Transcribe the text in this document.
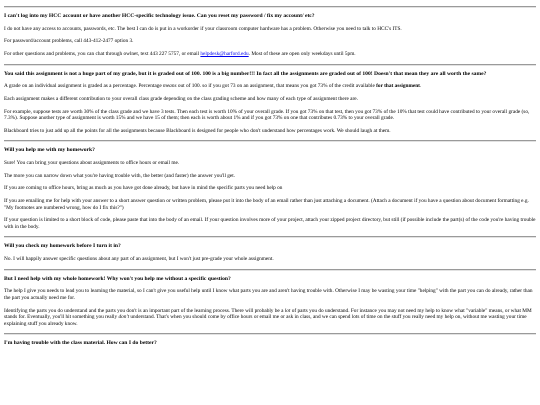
I can't log into my HCC account or have another HCC-specific technology issue. Can you reset my password / fix my account/ etc?

I do not have any access to accounts, passwords, etc. The best I can do is put in a workorder if your classroom computer hardware has a problem. Otherwise you need to talk to HCC's ITS.

For password/account problems, call 443-412-2477 option 3.

For other questions and problems, you can chat through owlnet, text 443 227 5757, or email helpdesk@harford.edu. Most of these are open only weekdays until 5pm.

You said this assignment is not a huge part of my grade, but it is graded out of 100. 100 is a big number!!! In fact all the assignments are graded out of 100! Doesn't that mean they are all worth the same?

A grade on an individual assignment is graded as a percentage. Percentage means out of 100. so if you got 73 on an assignment, that means you got 73% of the credit available for that assignment.

Each assignment makes a different contribution to your overall class grade depending on the class grading scheme and how many of each type of assignment there are.

For example, suppose tests are worth 30% of the class grade and we have 3 tests. Then each test is worth 10% of your overall grade. If you got 73% on that test, then you got 73% of the 10% that test could have contributed to your overall grade (so, 7.3%). Suppose another type of assignment is worth 15% and we have 15 of them; then each is worth about 1% and if you got 73% on one that contributes 0.73% to your overall grade.

Blackboard tries to just add up all the points for all the assignments because Blackboard is designed for people who don't understand how percentages work. We should laugh at them.

Will you help me with my homework?

Sure! You can bring your questions about assignments to office hours or email me.

The more you can narrow down what you're having trouble with, the better (and faster) the answer you'll get.

If you are coming to office hours, bring as much as you have got done already, but have in mind the specific parts you need help on

If you are emailing me for help with your answer to a short answer question or written problem, please put it into the body of an email rather than just attaching a document. (Attach a document if you have a question about document formatting e.g. "My footnotes are numbered wrong, how do I fix this?")

If your question is limited to a short block of code, please paste that into the body of an email. If your question involves more of your project, attach your zipped project directory, but still (if possible include the part(s) of the code you're having trouble with in the body.

Will you check my homework before I turn it in?

No. I will happily answer specific questions about any part of an assignment, but I won't just pre-grade your whole assignment.

But I need help with my whole homework! Why won't you help me without a specific question?

The help I give you needs to lead you to learning the material, so I can't give you useful help until I know what parts you are and aren't having trouble with. Otherwise I may be wasting your time "helping" with the part you can do already, rather than the part you actually need me for.

Identifying the parts you do understand and the parts you don't is an important part of the learning process. There will probably be a lot of parts you do understand. For instance you may not need my help to know what "variable" means, or what MM stands for. Eventually, you'll hit something you really don't understand. That's when you should come by office hours or email me or ask in class, and we can spend lots of time on the stuff you really need my help on, without me wasting your time explaining stuff you already know.

I'm having trouble with the class material. How can I do better?
